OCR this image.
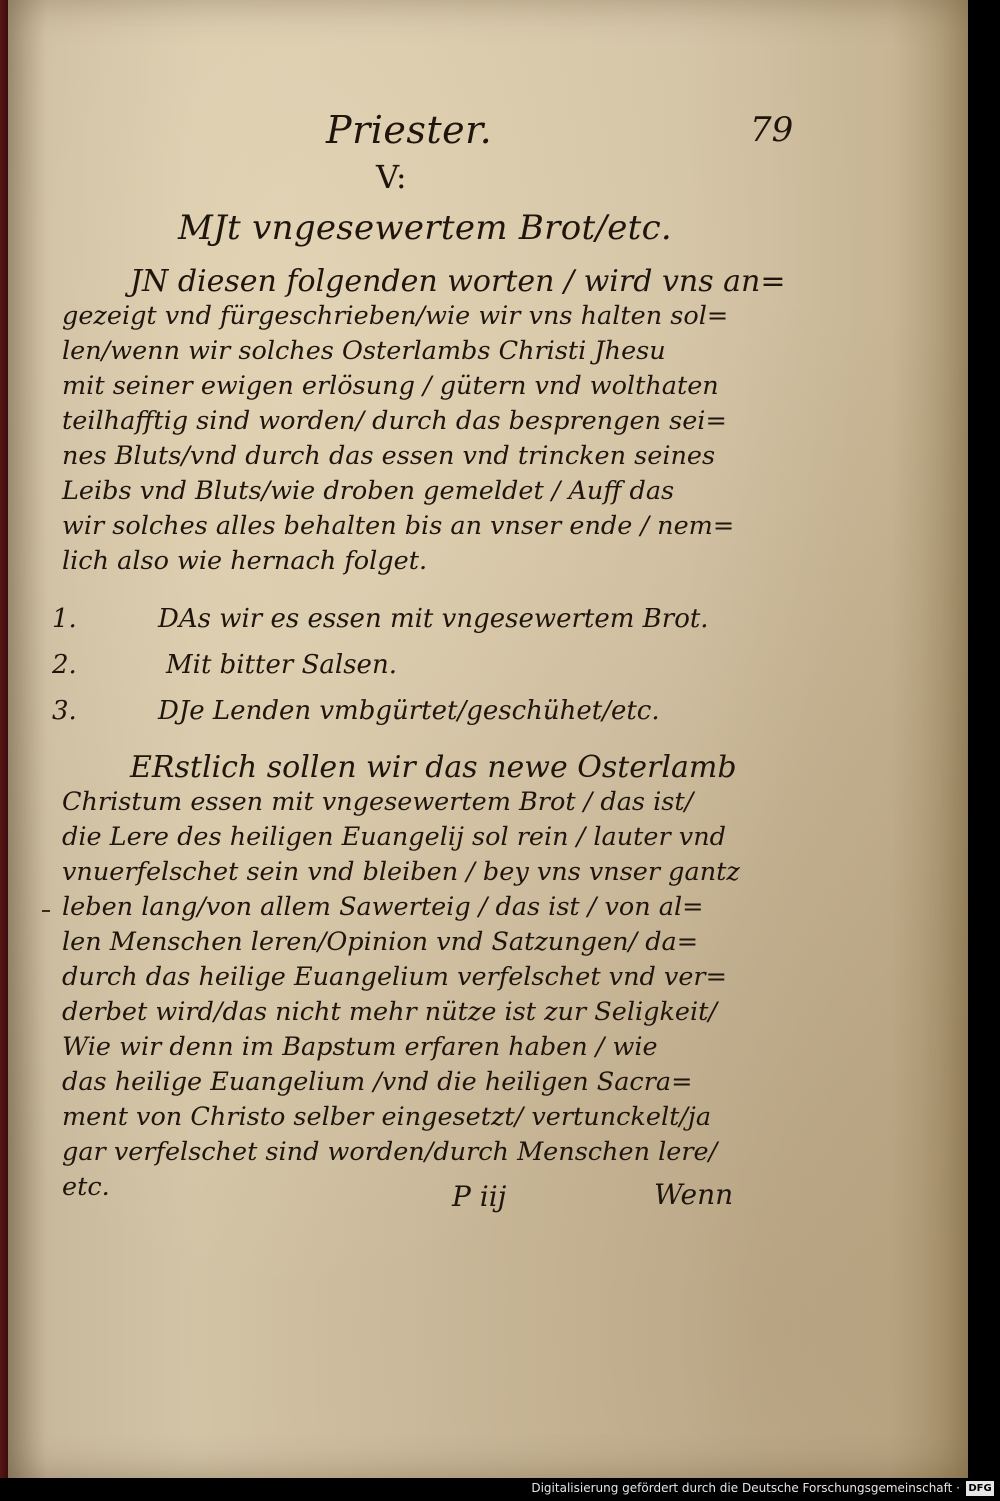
Priester.	79
V:
MJt vngesewertem Brot/etc.
JN diesen folgenden worten / wird vns an=
gezeigt vnd fürgeschrieben/wie wir vns halten sol=
len/wenn wir solches Osterlambs Christi Jhesu
mit seiner ewigen erlösung / gütern vnd wolthaten
teilhafftig sind worden/ durch das besprengen sei=
nes Bluts/vnd durch das essen vnd trincken seines
Leibs vnd Bluts/wie droben gemeldet / Auff das
wir solches alles behalten bis an vnser ende / nem=
lich also wie hernach folget.
1.	DAs wir es essen mit vngesewertem Brot.
2.	Mit bitter Salsen.
3.	DJe Lenden vmbgürtet/geschühet/etc.
ERstlich sollen wir das newe Osterlamb
Christum essen mit vngesewertem Brot / das ist/
die Lere des heiligen Euangelij sol rein / lauter vnd
vnuerfelschet sein vnd bleiben / bey vns vnser gantz
leben lang/von allem Sawerteig / das ist / von al=
len Menschen leren/Opinion vnd Satzungen/ da=
durch das heilige Euangelium verfelschet vnd ver=
derbet wird/das nicht mehr nütze ist zur Seligkeit/
Wie wir denn im Bapstum erfaren haben / wie
das heilige Euangelium /vnd die heiligen Sacra=
ment von Christo selber eingesetzt/ vertunckelt/ja
gar verfelschet sind worden/durch Menschen lere/
etc.	P iij	Wenn
Digitalisierung gefördert durch die Deutsche Forschungsgemeinschaft · DFG
